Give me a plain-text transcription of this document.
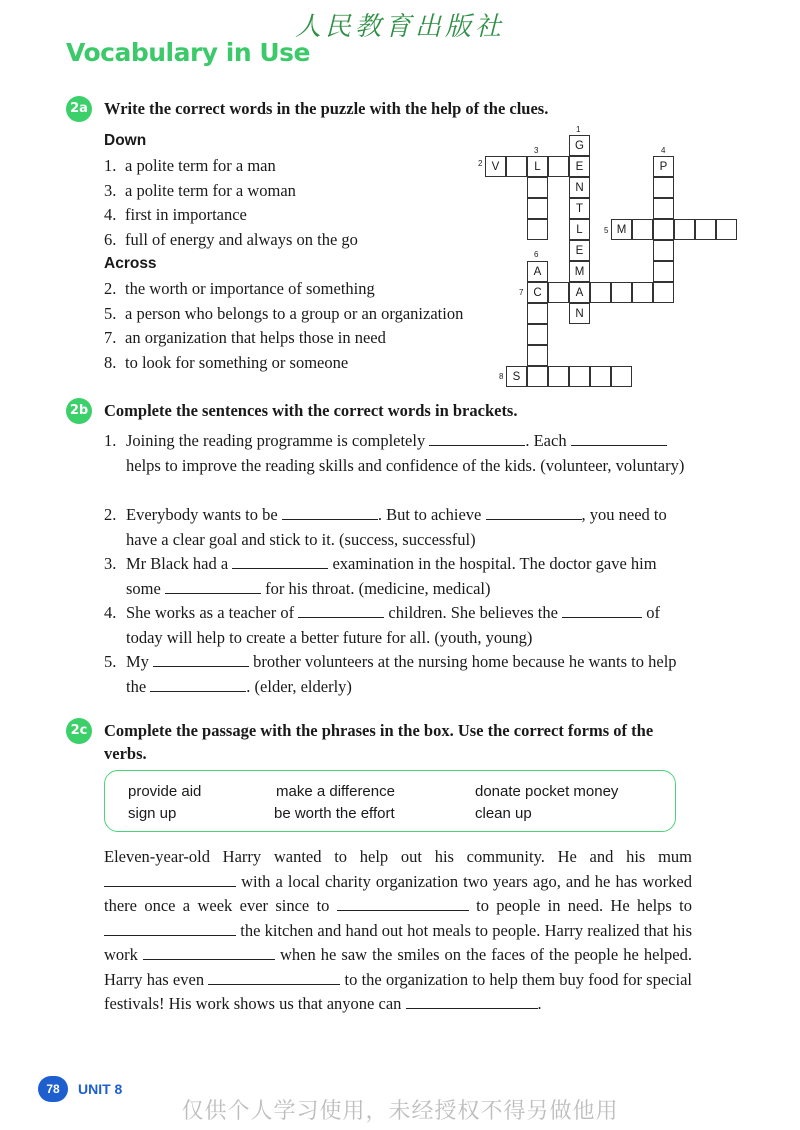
人民教育出版社
Vocabulary in Use
2a Write the correct words in the puzzle with the help of the clues.
Down
1. a polite term for a man
3. a polite term for a woman
4. first in importance
6. full of energy and always on the go
Across
2. the worth or importance of something
5. a person who belongs to a group or an organization
7. an organization that helps those in need
8. to look for something or someone
1
2
3	4
5
6
7
8
G
E
N
T
L
E
M
A
N
V	L	P
M
A
C
S
2b Complete the sentences with the correct words in brackets.
1. Joining the reading programme is completely	. Each  helps to improve the reading skills and confidence of the kids. (volunteer, voluntary)
2. Everybody wants to be	. But to achieve	, you need to have a clear goal and stick to it. (success, successful)
3. Mr Black had a	examination in the hospital. The doctor gave him some	for his throat. (medicine, medical)
4. She works as a teacher of	children. She believes the	of today will help to create a better future for all. (youth, young)
5. My	brother volunteers at the nursing home because he wants to help the	. (elder, elderly)
2c Complete the passage with the phrases in the box. Use the correct forms of the verbs.
provide aid	make a difference	donate pocket money
sign up	be worth the effort	clean up
Eleven-year-old Harry wanted to help out his community. He and his mum  with a local charity organization two years ago, and he has worked there once a week ever since to	to people in need. He helps to  the kitchen and hand out hot meals to people. Harry realized that his work	when he saw the smiles on the faces of the people he helped. Harry has even	to the organization to help them buy food for special festivals! His work shows us that anyone can	.
78	UNIT 8
仅供个人学习使用，未经授权不得另做他用
